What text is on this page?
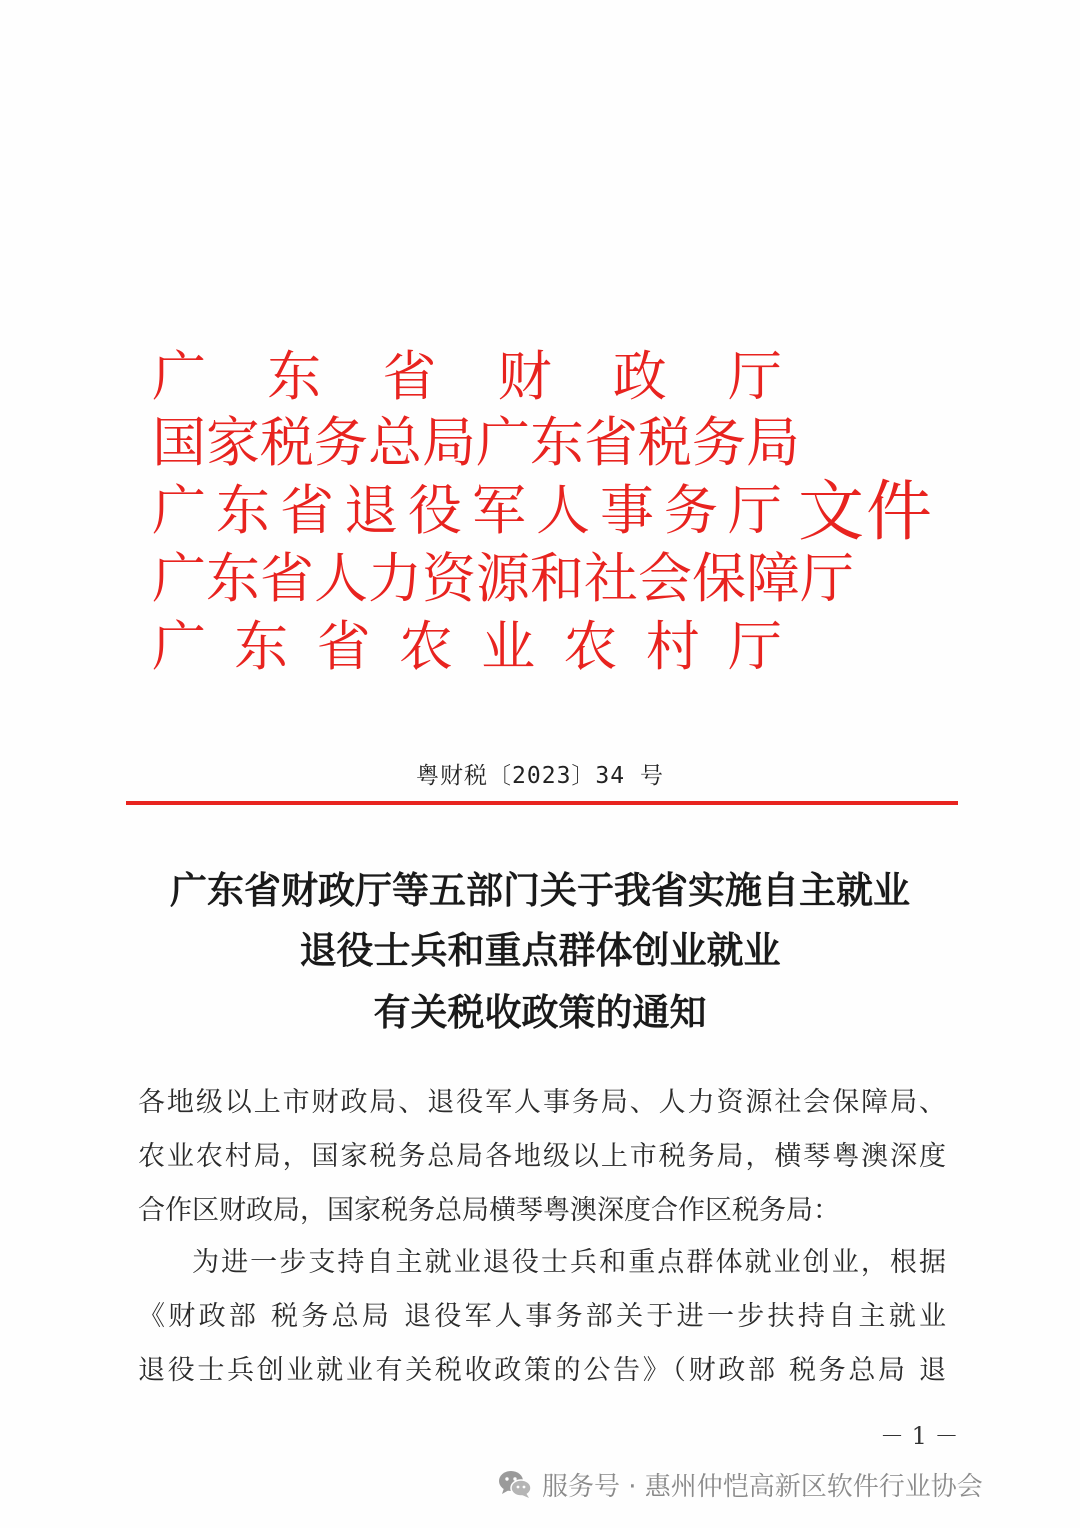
广 东 省 财 政 厅
国 家 税 务 总 局 广 东 省 税 务 局
广 东 省 退 役 军 人 事 务 厅
广 东 省 人 力 资 源 和 社 会 保 障 厅
广 东 省 农 业 农 村 厅
文件
粤财税〔2023〕34 号
广东省财政厅等五部门关于我省实施自主就业
退役士兵和重点群体创业就业
有关税收政策的通知
各地级以上市财政局、退役军人事务局、人力资源社会保障局、
农业农村局，国家税务总局各地级以上市税务局，横琴粤澳深度
合作区财政局，国家税务总局横琴粤澳深度合作区税务局：
为进一步支持自主就业退役士兵和重点群体就业创业，根据
《财政部 税务总局 退役军人事务部关于进一步扶持自主就业
退役士兵创业就业有关税收政策的公告》（财政部 税务总局 退
－ 1 －
服务号 · 惠州仲恺高新区软件行业协会
